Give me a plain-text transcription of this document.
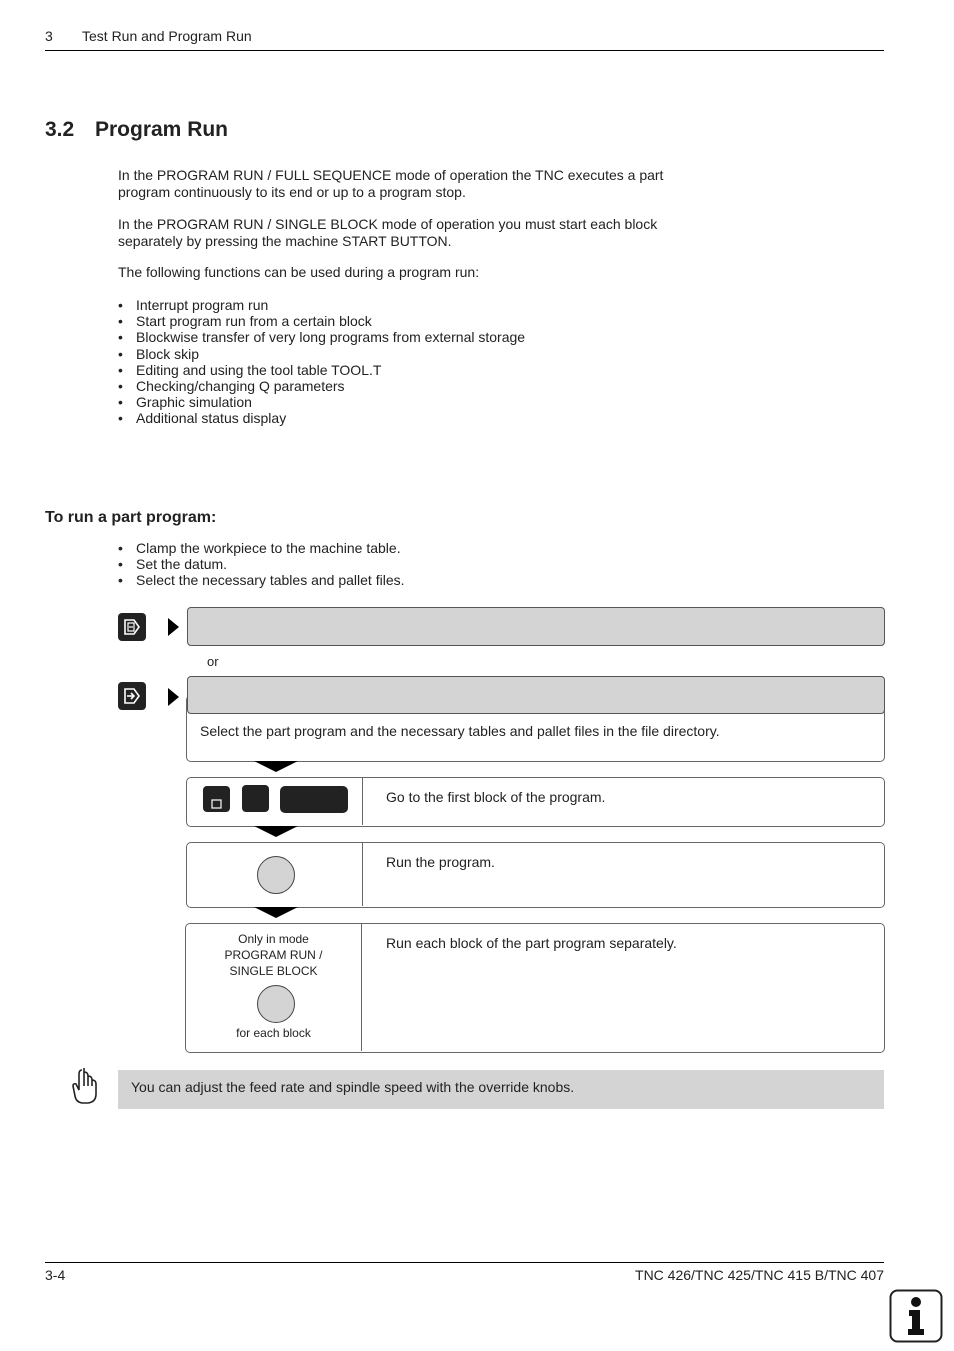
3 Test Run and Program Run
3.2 Program Run
In the PROGRAM RUN / FULL SEQUENCE mode of operation the TNC executes a part program continuously to its end or up to a program stop.
In the PROGRAM RUN / SINGLE BLOCK mode of operation you must start each block separately by pressing the machine START BUTTON.
The following functions can be used during a program run:
• Interrupt program run
• Start program run from a certain block
• Blockwise transfer of very long programs from external storage
• Block skip
• Editing and using the tool table TOOL.T
• Checking/changing Q parameters
• Graphic simulation
• Additional status display
To run a part program:
• Clamp the workpiece to the machine table.
• Set the datum.
• Select the necessary tables and pallet files.
or
Select the part program and the necessary tables and pallet files in the file directory.
Go to the first block of the program.
Run the program.
Only in mode
PROGRAM RUN /
SINGLE BLOCK
for each block
Run each block of the part program separately.
You can adjust the feed rate and spindle speed with the override knobs.
3-4	TNC 426/TNC 425/TNC 415 B/TNC 407
